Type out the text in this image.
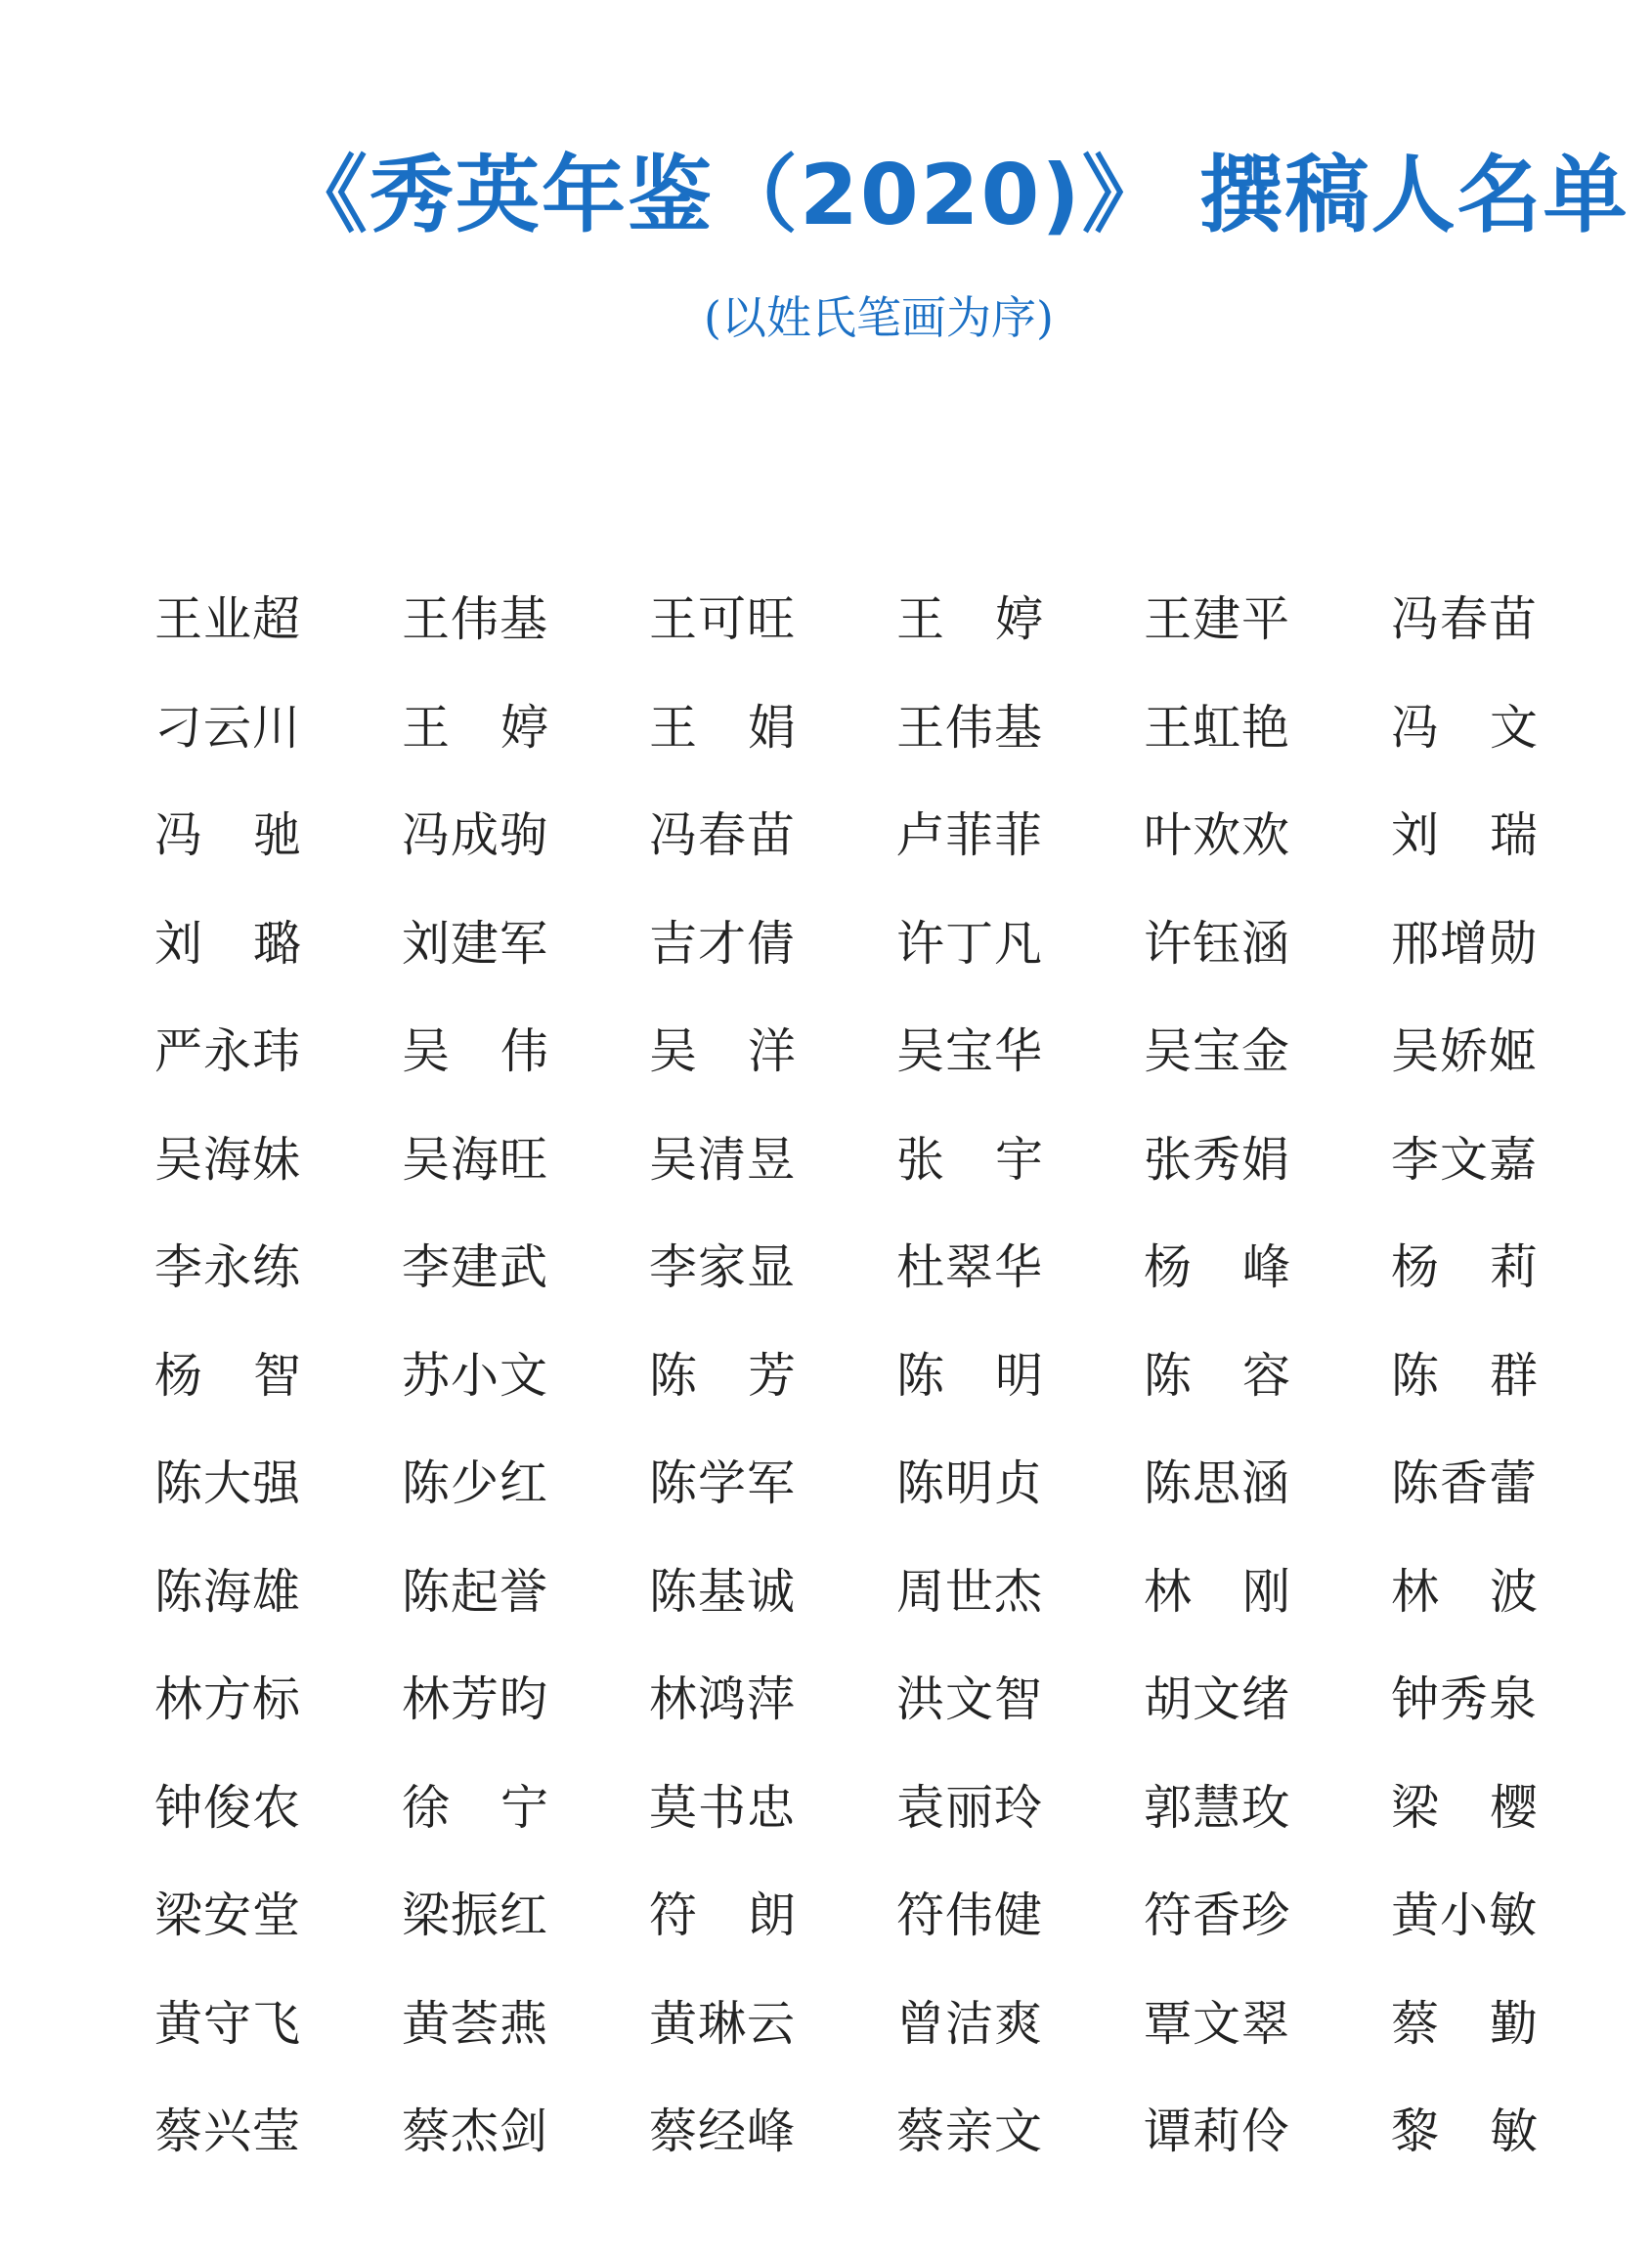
《秀英年鉴（2020)》 撰稿人名单

(以姓氏笔画为序)

王业超 王伟基 王可旺 王 婷 王建平 冯春苗
刁云川 王 婷 王 娟 王伟基 王虹艳 冯 文
冯 驰 冯成驹 冯春苗 卢菲菲 叶欢欢 刘 瑞
刘 璐 刘建军 吉才倩 许丁凡 许钰涵 邢增勋
严永玮 吴 伟 吴 洋 吴宝华 吴宝金 吴娇姬
吴海妹 吴海旺 吴清昱 张 宇 张秀娟 李文嘉
李永练 李建武 李家显 杜翠华 杨 峰 杨 莉
杨 智 苏小文 陈 芳 陈 明 陈 容 陈 群
陈大强 陈少红 陈学军 陈明贞 陈思涵 陈香蕾
陈海雄 陈起誉 陈基诚 周世杰 林 刚 林 波
林方标 林芳昀 林鸿萍 洪文智 胡文绪 钟秀泉
钟俊农 徐 宁 莫书忠 袁丽玲 郭慧玫 梁 樱
梁安堂 梁振红 符 朗 符伟健 符香珍 黄小敏
黄守飞 黄荟燕 黄琳云 曾洁爽 覃文翠 蔡 勤
蔡兴莹 蔡杰剑 蔡经峰 蔡亲文 谭莉伶 黎 敏
